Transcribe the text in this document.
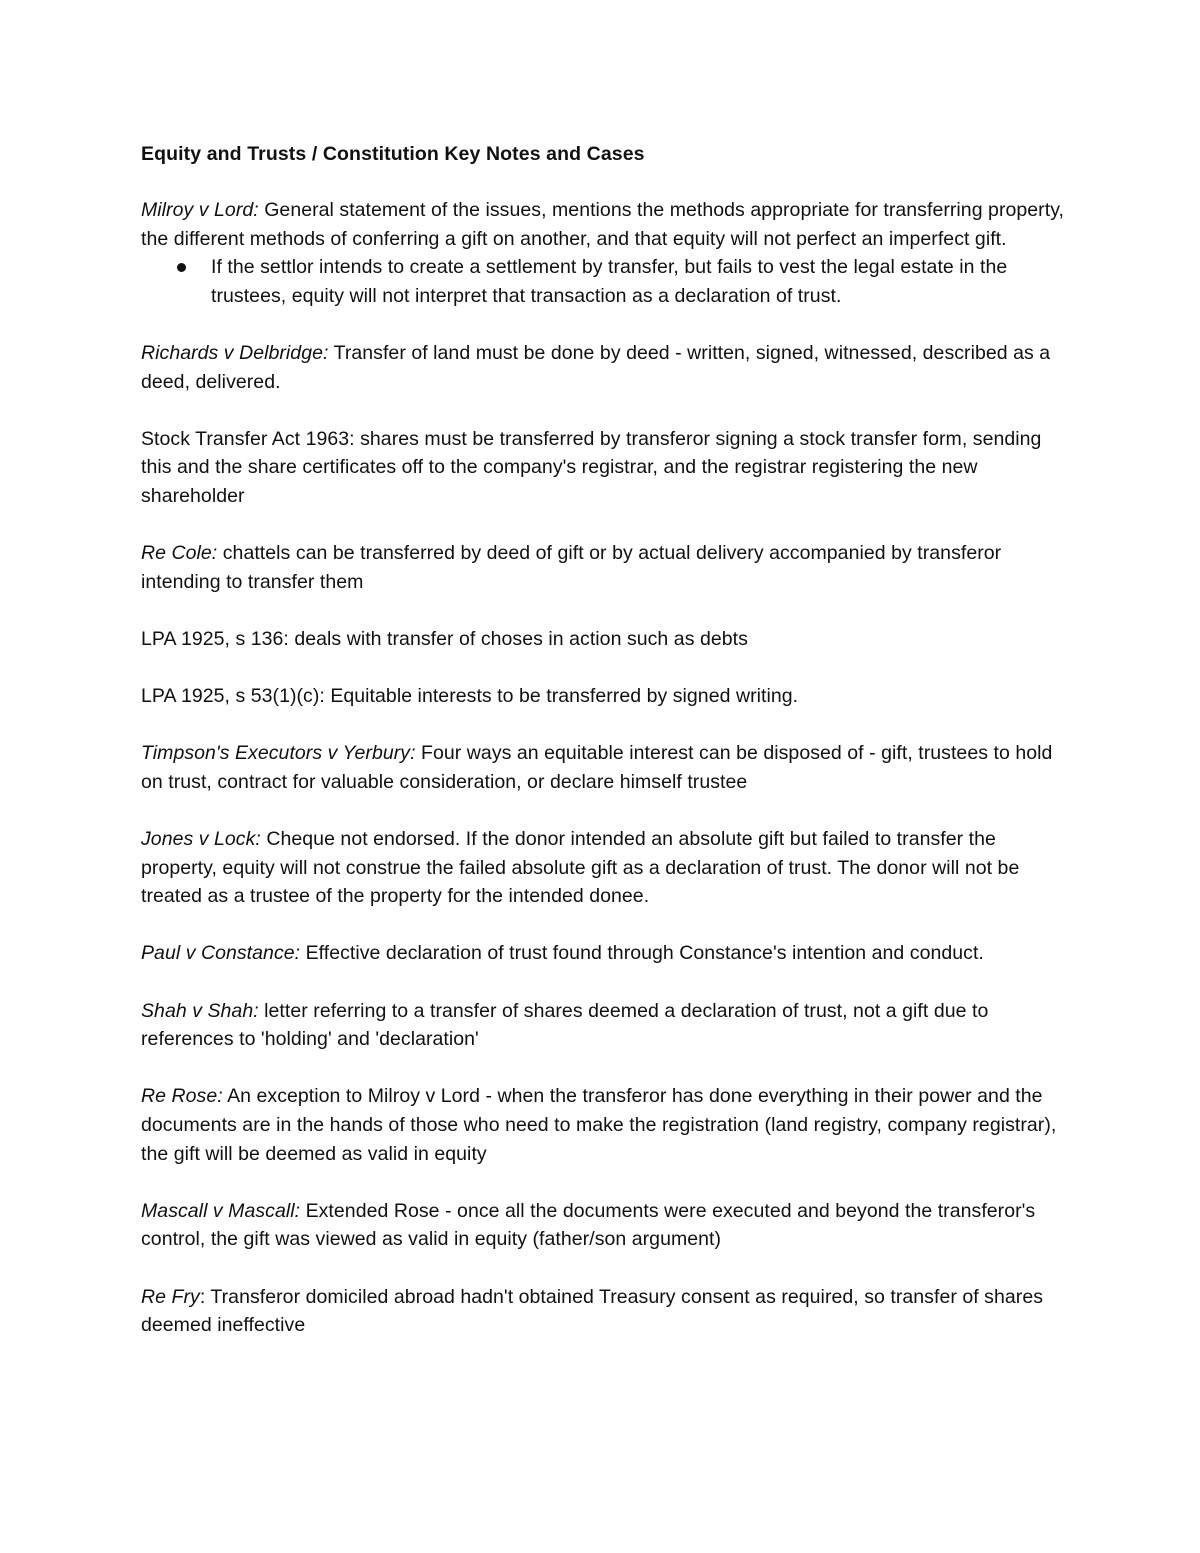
Equity and Trusts / Constitution Key Notes and Cases

Milroy v Lord: General statement of the issues, mentions the methods appropriate for transferring property, the different methods of conferring a gift on another, and that equity will not perfect an imperfect gift.

If the settlor intends to create a settlement by transfer, but fails to vest the legal estate in the trustees, equity will not interpret that transaction as a declaration of trust.

Richards v Delbridge: Transfer of land must be done by deed - written, signed, witnessed, described as a deed, delivered.

Stock Transfer Act 1963: shares must be transferred by transferor signing a stock transfer form, sending this and the share certificates off to the company's registrar, and the registrar registering the new shareholder

Re Cole: chattels can be transferred by deed of gift or by actual delivery accompanied by transferor intending to transfer them

LPA 1925, s 136: deals with transfer of choses in action such as debts

LPA 1925, s 53(1)(c): Equitable interests to be transferred by signed writing.

Timpson's Executors v Yerbury: Four ways an equitable interest can be disposed of - gift, trustees to hold on trust, contract for valuable consideration, or declare himself trustee

Jones v Lock: Cheque not endorsed. If the donor intended an absolute gift but failed to transfer the property, equity will not construe the failed absolute gift as a declaration of trust. The donor will not be treated as a trustee of the property for the intended donee.

Paul v Constance: Effective declaration of trust found through Constance's intention and conduct.

Shah v Shah: letter referring to a transfer of shares deemed a declaration of trust, not a gift due to references to 'holding' and 'declaration'

Re Rose: An exception to Milroy v Lord - when the transferor has done everything in their power and the documents are in the hands of those who need to make the registration (land registry, company registrar), the gift will be deemed as valid in equity

Mascall v Mascall: Extended Rose - once all the documents were executed and beyond the transferor's control, the gift was viewed as valid in equity (father/son argument)

Re Fry: Transferor domiciled abroad hadn't obtained Treasury consent as required, so transfer of shares deemed ineffective
